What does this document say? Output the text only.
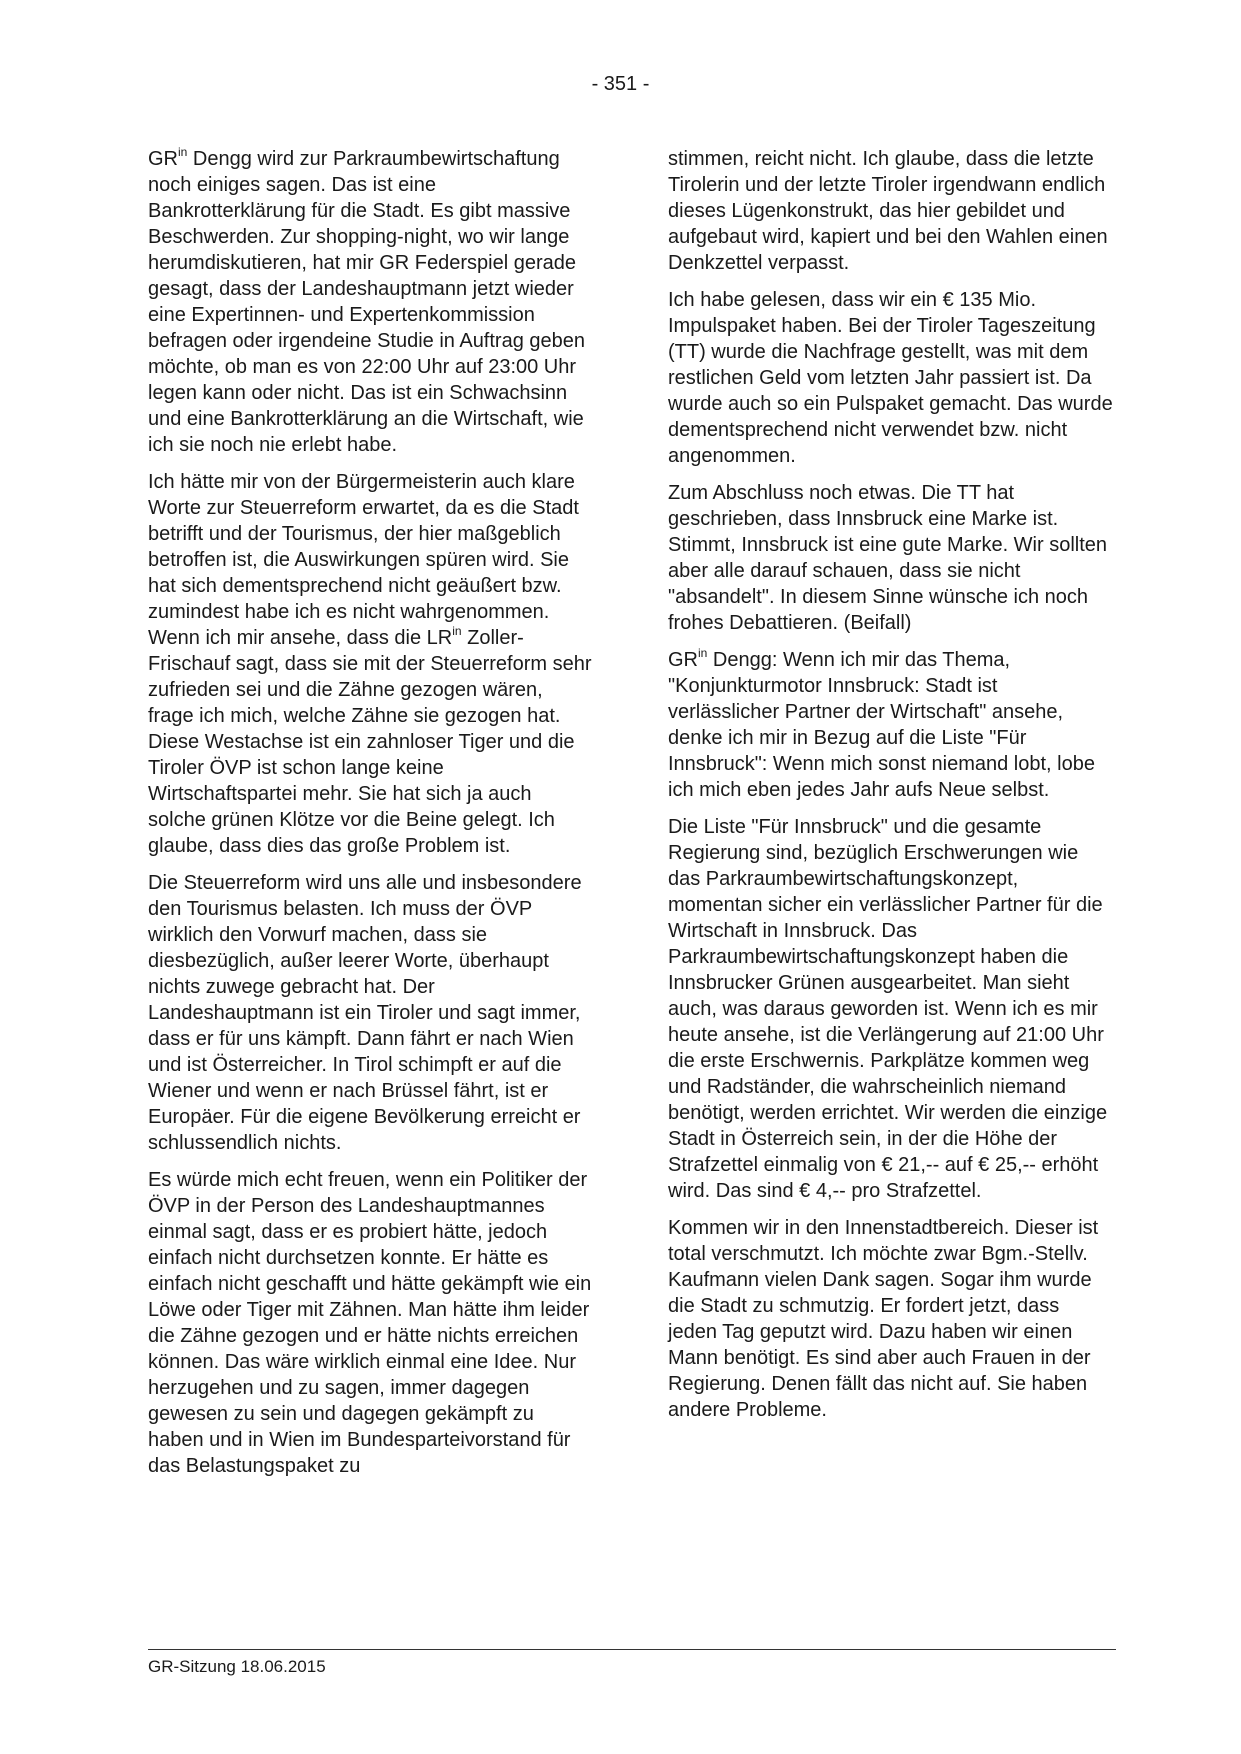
- 351 -

$GR^{in}$ Dengg wird zur Parkraumbewirtschaftung noch einiges sagen. Das ist eine Bankrotterklärung für die Stadt. Es gibt massive Beschwerden. Zur shopping-night, wo wir lange herumdiskutieren, hat mir GR Federspiel gerade gesagt, dass der Landeshauptmann jetzt wieder eine Expertinnen- und Expertenkommission befragen oder irgendeine Studie in Auftrag geben möchte, ob man es von 22:00 Uhr auf 23:00 Uhr legen kann oder nicht. Das ist ein Schwachsinn und eine Bankrotterklärung an die Wirtschaft, wie ich sie noch nie erlebt habe.

Ich hätte mir von der Bürgermeisterin auch klare Worte zur Steuerreform erwartet, da es die Stadt betrifft und der Tourismus, der hier maßgeblich betroffen ist, die Auswirkungen spüren wird. Sie hat sich dementsprechend nicht geäußert bzw. zumindest habe ich es nicht wahrgenommen. Wenn ich mir ansehe, dass die $LR^{in}$ Zoller-Frischauf sagt, dass sie mit der Steuerreform sehr zufrieden sei und die Zähne gezogen wären, frage ich mich, welche Zähne sie gezogen hat. Diese Westachse ist ein zahnloser Tiger und die Tiroler ÖVP ist schon lange keine Wirtschaftspartei mehr. Sie hat sich ja auch solche grünen Klötze vor die Beine gelegt. Ich glaube, dass dies das große Problem ist.

Die Steuerreform wird uns alle und insbesondere den Tourismus belasten. Ich muss der ÖVP wirklich den Vorwurf machen, dass sie diesbezüglich, außer leerer Worte, überhaupt nichts zuwege gebracht hat. Der Landeshauptmann ist ein Tiroler und sagt immer, dass er für uns kämpft. Dann fährt er nach Wien und ist Österreicher. In Tirol schimpft er auf die Wiener und wenn er nach Brüssel fährt, ist er Europäer. Für die eigene Bevölkerung erreicht er schlussendlich nichts.

Es würde mich echt freuen, wenn ein Politiker der ÖVP in der Person des Landeshauptmannes einmal sagt, dass er es probiert hätte, jedoch einfach nicht durchsetzen konnte. Er hätte es einfach nicht geschafft und hätte gekämpft wie ein Löwe oder Tiger mit Zähnen. Man hätte ihm leider die Zähne gezogen und er hätte nichts erreichen können. Das wäre wirklich einmal eine Idee. Nur herzugehen und zu sagen, immer dagegen gewesen zu sein und dagegen gekämpft zu haben und in Wien im Bundesparteivorstand für das Belastungspaket zu

stimmen, reicht nicht. Ich glaube, dass die letzte Tirolerin und der letzte Tiroler irgendwann endlich dieses Lügenkonstrukt, das hier gebildet und aufgebaut wird, kapiert und bei den Wahlen einen Denkzettel verpasst.

Ich habe gelesen, dass wir ein € 135 Mio. Impulspaket haben. Bei der Tiroler Tageszeitung (TT) wurde die Nachfrage gestellt, was mit dem restlichen Geld vom letzten Jahr passiert ist. Da wurde auch so ein Pulspaket gemacht. Das wurde dementsprechend nicht verwendet bzw. nicht angenommen.

Zum Abschluss noch etwas. Die TT hat geschrieben, dass Innsbruck eine Marke ist. Stimmt, Innsbruck ist eine gute Marke. Wir sollten aber alle darauf schauen, dass sie nicht "absandelt". In diesem Sinne wünsche ich noch frohes Debattieren. (Beifall)

$GR^{in}$ Dengg: Wenn ich mir das Thema, "Konjunkturmotor Innsbruck: Stadt ist verlässlicher Partner der Wirtschaft" ansehe, denke ich mir in Bezug auf die Liste "Für Innsbruck": Wenn mich sonst niemand lobt, lobe ich mich eben jedes Jahr aufs Neue selbst.

Die Liste "Für Innsbruck" und die gesamte Regierung sind, bezüglich Erschwerungen wie das Parkraumbewirtschaftungskonzept, momentan sicher ein verlässlicher Partner für die Wirtschaft in Innsbruck. Das Parkraumbewirtschaftungskonzept haben die Innsbrucker Grünen ausgearbeitet. Man sieht auch, was daraus geworden ist. Wenn ich es mir heute ansehe, ist die Verlängerung auf 21:00 Uhr die erste Erschwernis. Parkplätze kommen weg und Radständer, die wahrscheinlich niemand benötigt, werden errichtet. Wir werden die einzige Stadt in Österreich sein, in der die Höhe der Strafzettel einmalig von € 21,-- auf € 25,-- erhöht wird. Das sind € 4,-- pro Strafzettel.

Kommen wir in den Innenstadtbereich. Dieser ist total verschmutzt. Ich möchte zwar Bgm.-Stellv. Kaufmann vielen Dank sagen. Sogar ihm wurde die Stadt zu schmutzig. Er fordert jetzt, dass jeden Tag geputzt wird. Dazu haben wir einen Mann benötigt. Es sind aber auch Frauen in der Regierung. Denen fällt das nicht auf. Sie haben andere Probleme.

GR-Sitzung 18.06.2015
